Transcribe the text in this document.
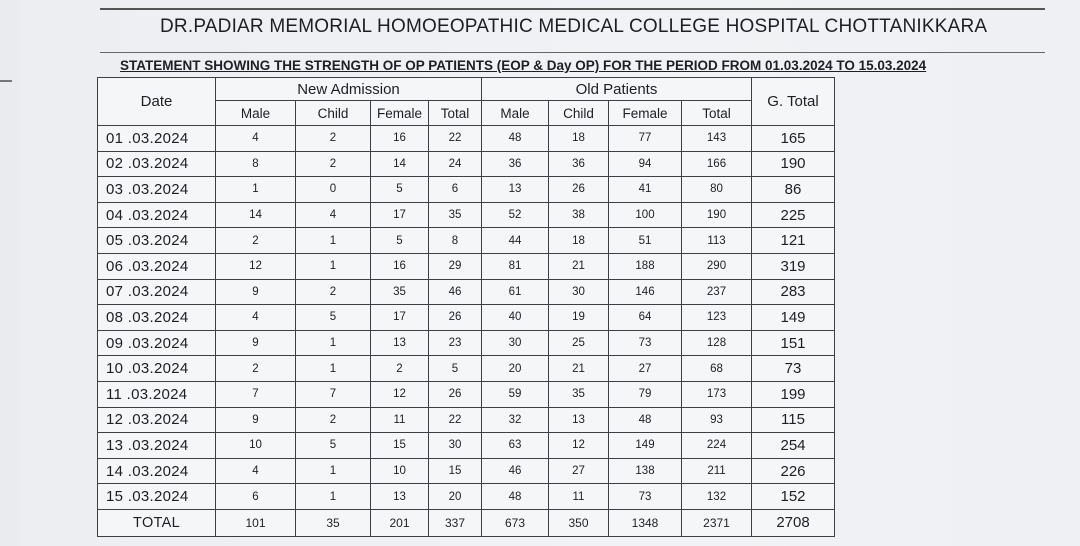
DR.PADIAR MEMORIAL HOMOEOPATHIC MEDICAL COLLEGE HOSPITAL CHOTTANIKKARA
STATEMENT SHOWING THE STRENGTH OF OP PATIENTS (EOP & Day OP) FOR THE PERIOD FROM 01.03.2024 TO 15.03.2024
Date	New Admission				Old Patients				G. Total
	Male	Child	Female	Total	Male	Child	Female	Total	
01 .03.2024	4	2	16	22	48	18	77	143	165
02 .03.2024	8	2	14	24	36	36	94	166	190
03 .03.2024	1	0	5	6	13	26	41	80	86
04 .03.2024	14	4	17	35	52	38	100	190	225
05 .03.2024	2	1	5	8	44	18	51	113	121
06 .03.2024	12	1	16	29	81	21	188	290	319
07 .03.2024	9	2	35	46	61	30	146	237	283
08 .03.2024	4	5	17	26	40	19	64	123	149
09 .03.2024	9	1	13	23	30	25	73	128	151
10 .03.2024	2	1	2	5	20	21	27	68	73
11 .03.2024	7	7	12	26	59	35	79	173	199
12 .03.2024	9	2	11	22	32	13	48	93	115
13 .03.2024	10	5	15	30	63	12	149	224	254
14 .03.2024	4	1	10	15	46	27	138	211	226
15 .03.2024	6	1	13	20	48	11	73	132	152
TOTAL	101	35	201	337	673	350	1348	2371	2708
